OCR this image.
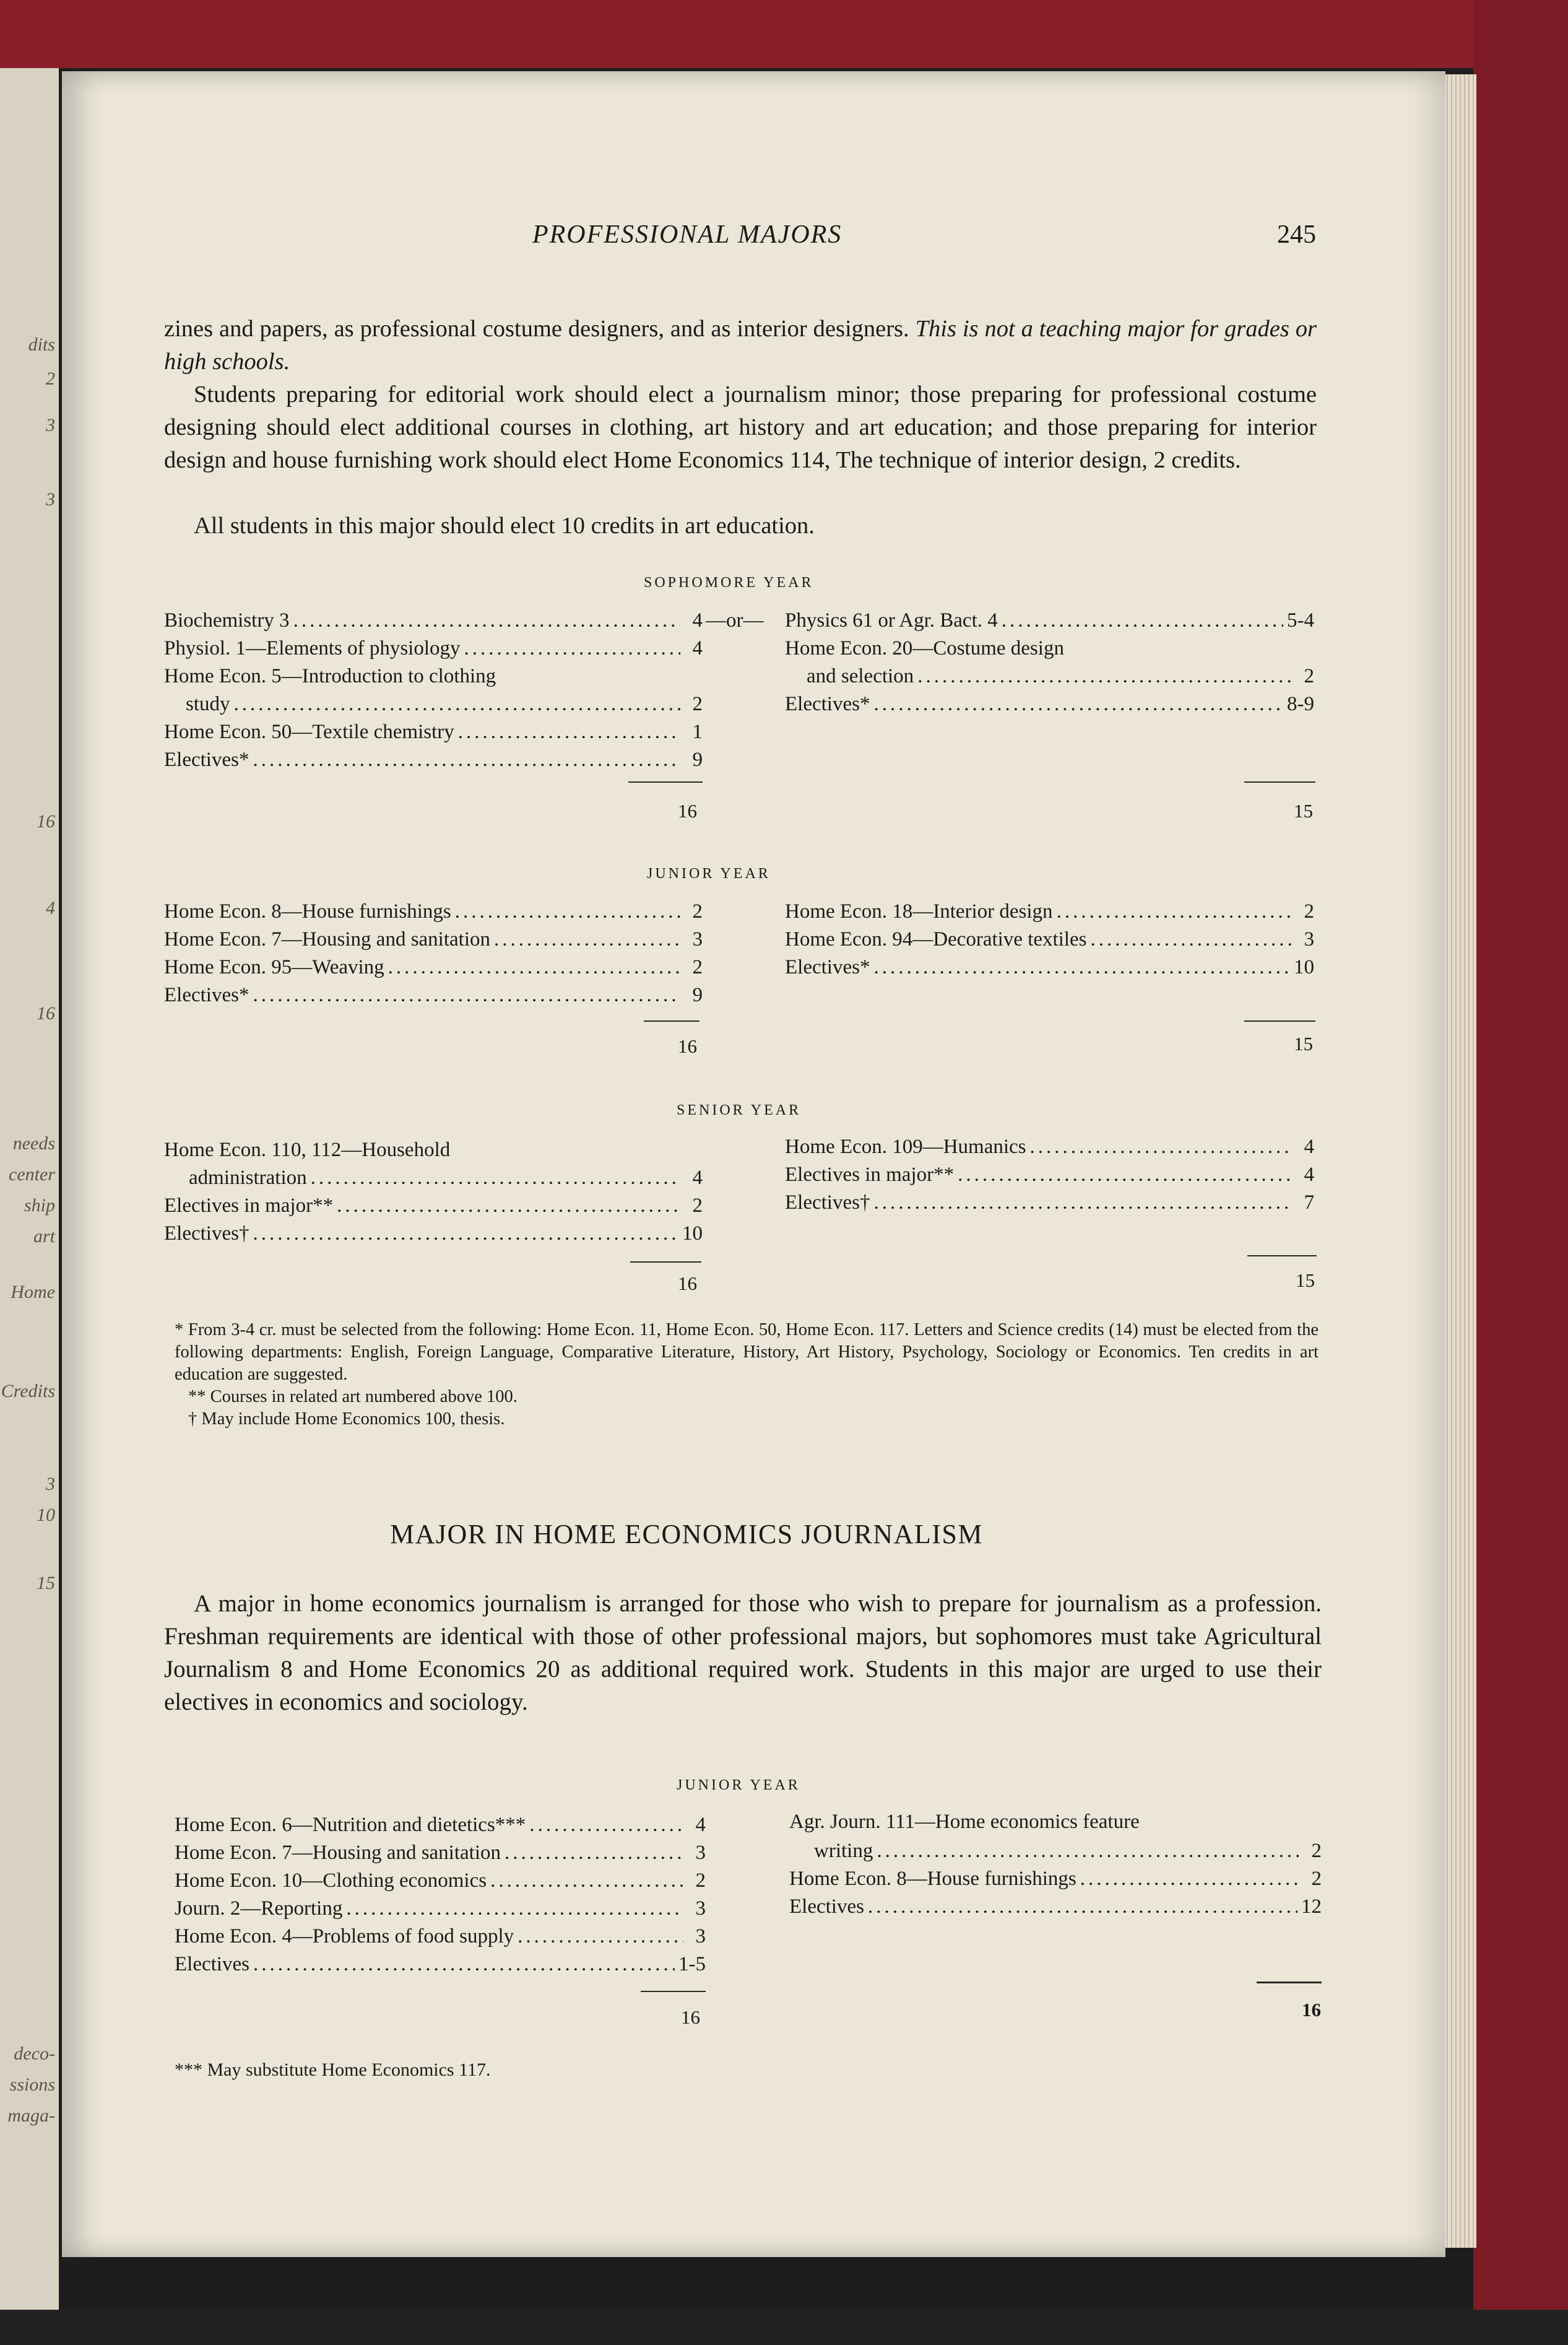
dits
2
3
3
16
4
16
needs
center
ship
art
Home
Credits
3
10
15
deco-
ssions
maga-
PROFESSIONAL MAJORS	245

zines and papers, as professional costume designers, and as interior designers. This is not a teaching major for grades or high schools.

Students preparing for editorial work should elect a journalism minor; those preparing for professional costume designing should elect additional courses in clothing, art history and art education; and those preparing for interior design and house furnishing work should elect Home Economics 114, The technique of interior design, 2 credits.

All students in this major should elect 10 credits in art education.

SOPHOMORE YEAR
Biochemistry 3 .....	4
Physiol. 1—Elements of physiology .....	4
Home Econ. 5—Introduction to clothing
study .....	2
Home Econ. 50—Textile chemistry .....	1
Electives* .....	9
—or— Physics 61 or Agr. Bact. 4 .....	5-4
Home Econ. 20—Costume design
and selection .....	2
Electives* .....	8-9
16	15
JUNIOR YEAR
Home Econ. 8—House furnishings .....	2
Home Econ. 7—Housing and sanitation .....	3
Home Econ. 95—Weaving .....	2
Electives* .....	9
Home Econ. 18—Interior design .....	2
Home Econ. 94—Decorative textiles .....	3
Electives* .....	10
16	15
SENIOR YEAR
Home Econ. 110, 112—Household
administration .....	4
Electives in major** .....	2
Electives† .....	10
Home Econ. 109—Humanics .....	4
Electives in major** .....	4
Electives† .....	7
16	15

* From 3-4 cr. must be selected from the following: Home Econ. 11, Home Econ. 50, Home Econ. 117. Letters and Science credits (14) must be elected from the following departments: English, Foreign Language, Comparative Literature, History, Art History, Psychology, Sociology or Economics. Ten credits in art education are suggested.

** Courses in related art numbered above 100.

† May include Home Economics 100, thesis.

MAJOR IN HOME ECONOMICS JOURNALISM

A major in home economics journalism is arranged for those who wish to prepare for journalism as a profession. Freshman requirements are identical with those of other professional majors, but sophomores must take Agricultural Journalism 8 and Home Economics 20 as additional required work. Students in this major are urged to use their electives in economics and sociology.

JUNIOR YEAR
Home Econ. 6—Nutrition and dietetics*** .....	4
Home Econ. 7—Housing and sanitation .....	3
Home Econ. 10—Clothing economics .....	2
Journ. 2—Reporting .....	3
Home Econ. 4—Problems of food supply .....	3
Electives .....	1-5
Agr. Journ. 111—Home economics feature
writing .....	2
Home Econ. 8—House furnishings .....	2
Electives .....	12
16	16

*** May substitute Home Economics 117.
